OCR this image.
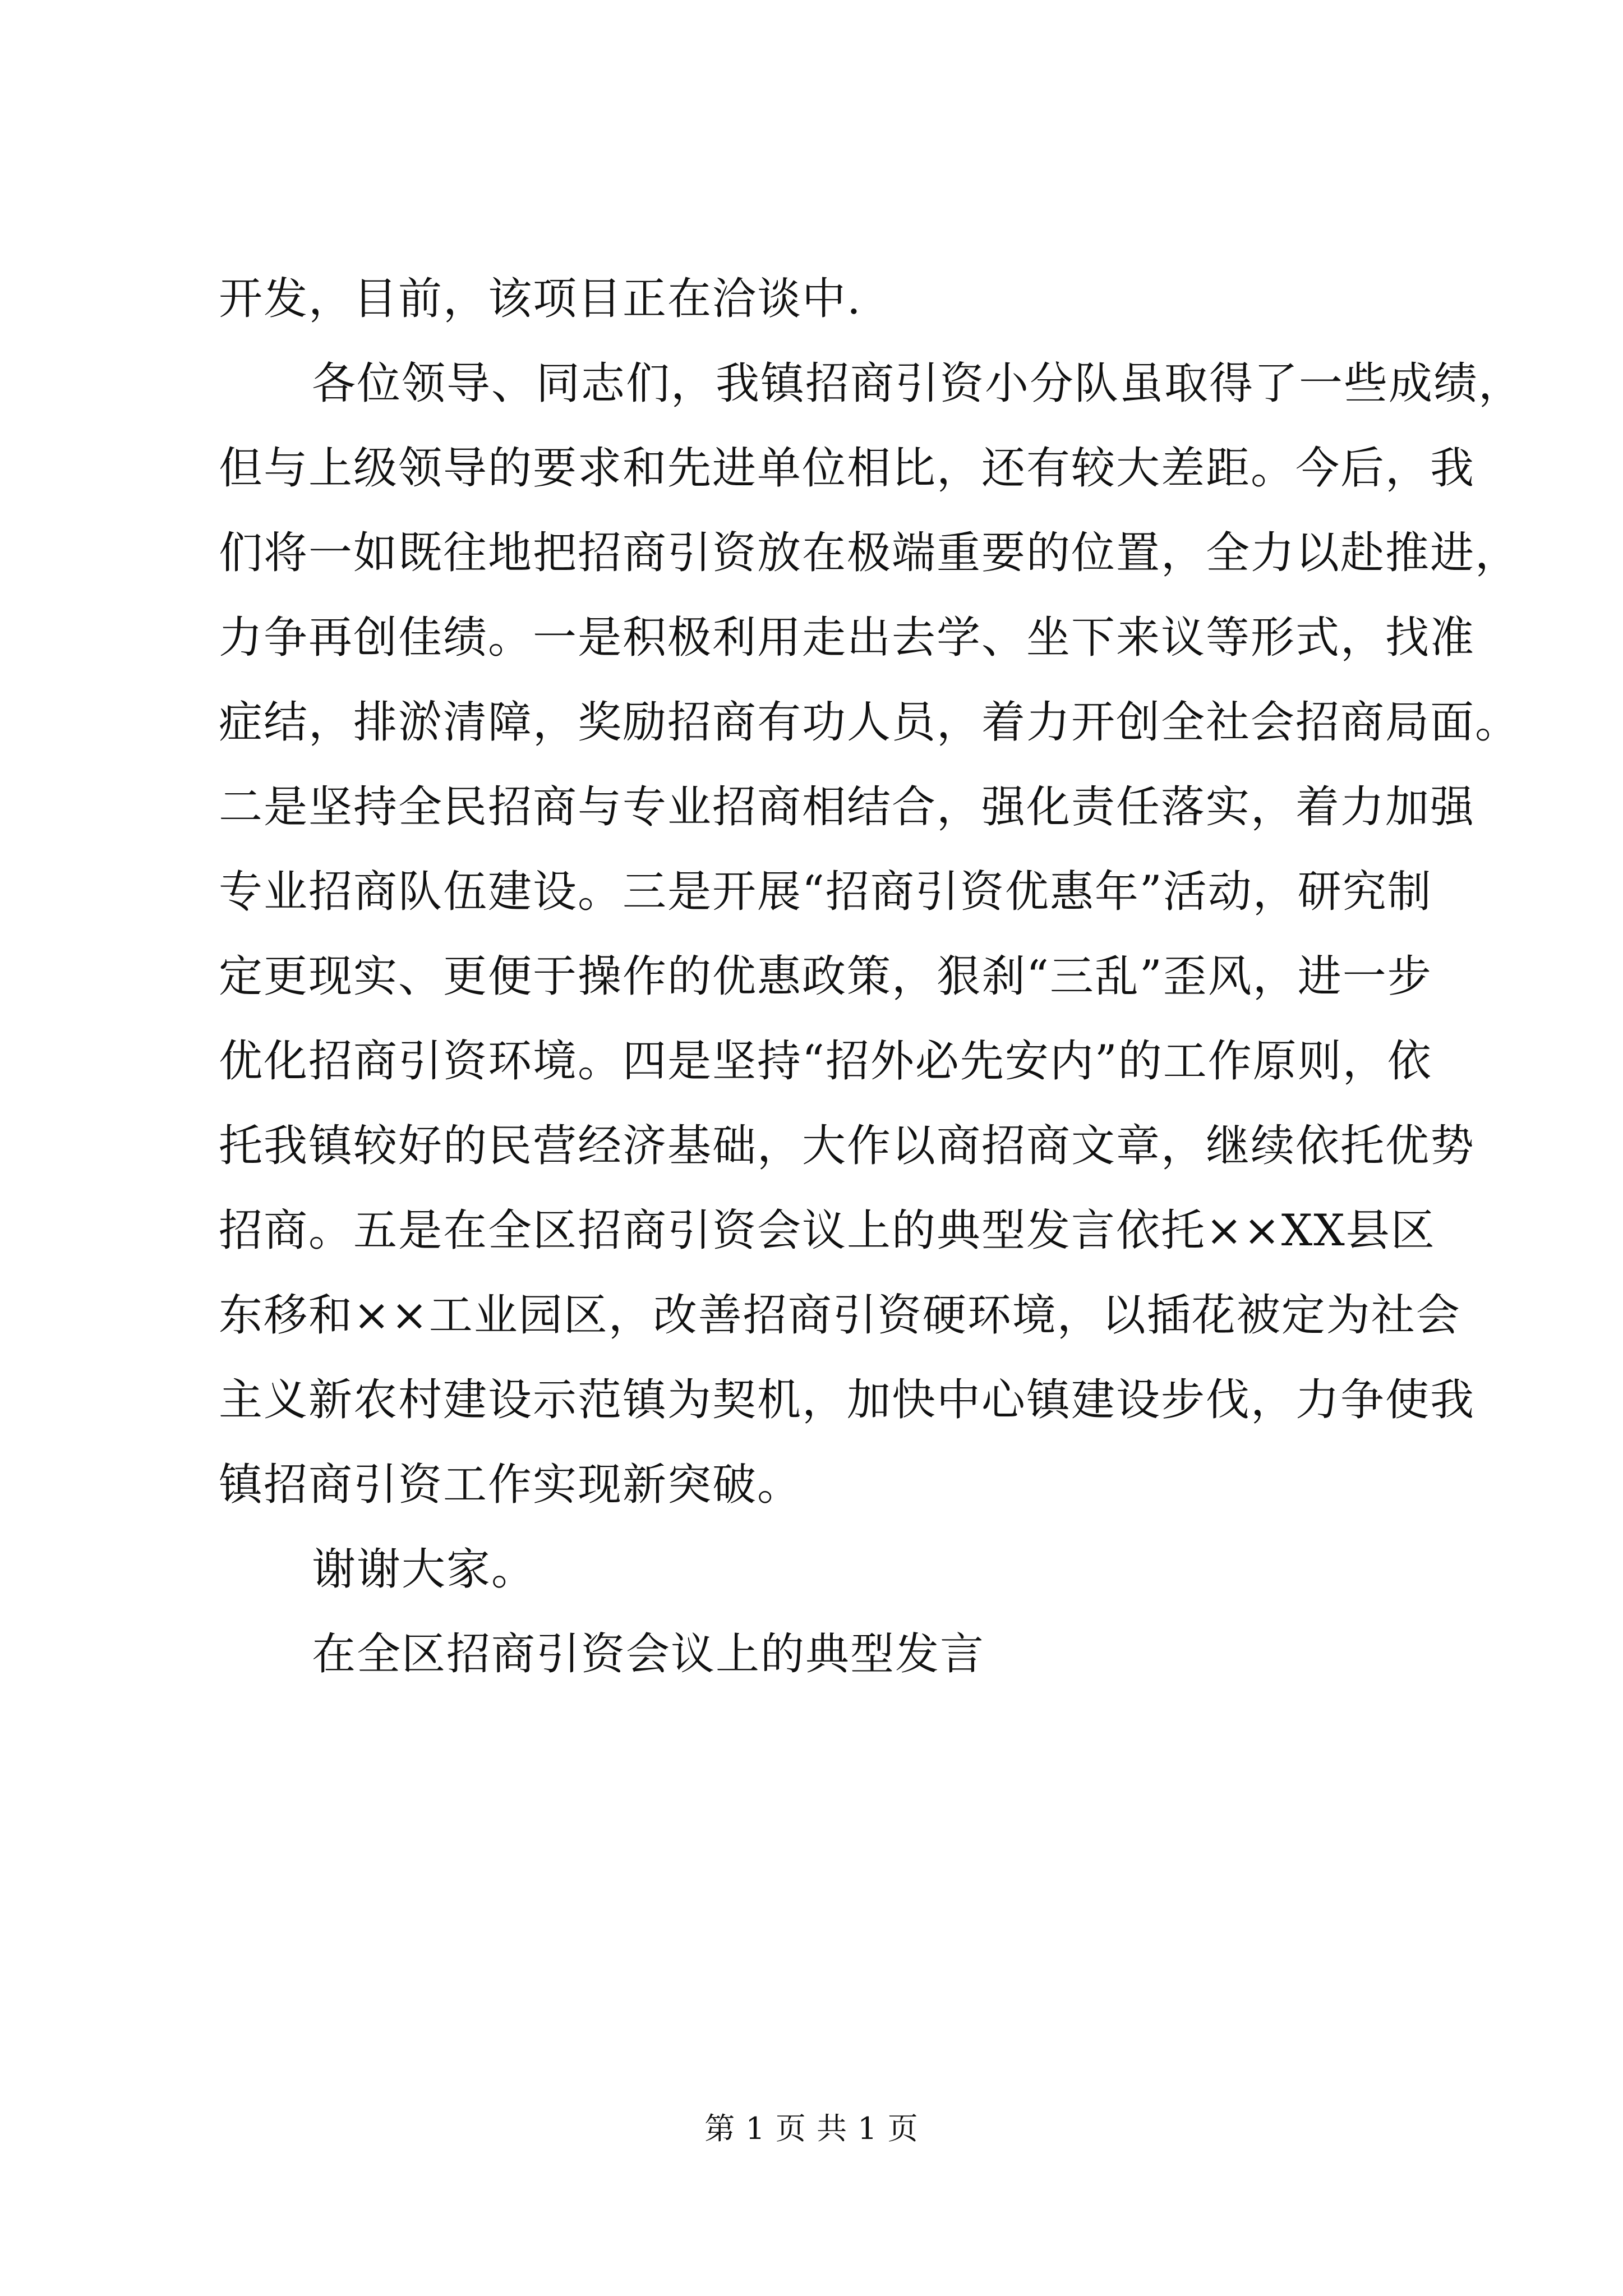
开发，目前，该项目正在洽谈中.
各位领导、同志们，我镇招商引资小分队虽取得了一些成绩，
但与上级领导的要求和先进单位相比，还有较大差距。今后，我
们将一如既往地把招商引资放在极端重要的位置，全力以赴推进，
力争再创佳绩。一是积极利用走出去学、坐下来议等形式，找准
症结，排淤清障，奖励招商有功人员，着力开创全社会招商局面。
二是坚持全民招商与专业招商相结合，强化责任落实，着力加强
专业招商队伍建设。三是开展“招商引资优惠年”活动，研究制
定更现实、更便于操作的优惠政策，狠刹“三乱”歪风，进一步
优化招商引资环境。四是坚持“招外必先安内”的工作原则，依
托我镇较好的民营经济基础，大作以商招商文章，继续依托优势
招商。五是在全区招商引资会议上的典型发言依托××XX县区
东移和××工业园区，改善招商引资硬环境，以插花被定为社会
主义新农村建设示范镇为契机，加快中心镇建设步伐，力争使我
镇招商引资工作实现新突破。
谢谢大家。
在全区招商引资会议上的典型发言
第 1 页 共 1 页
